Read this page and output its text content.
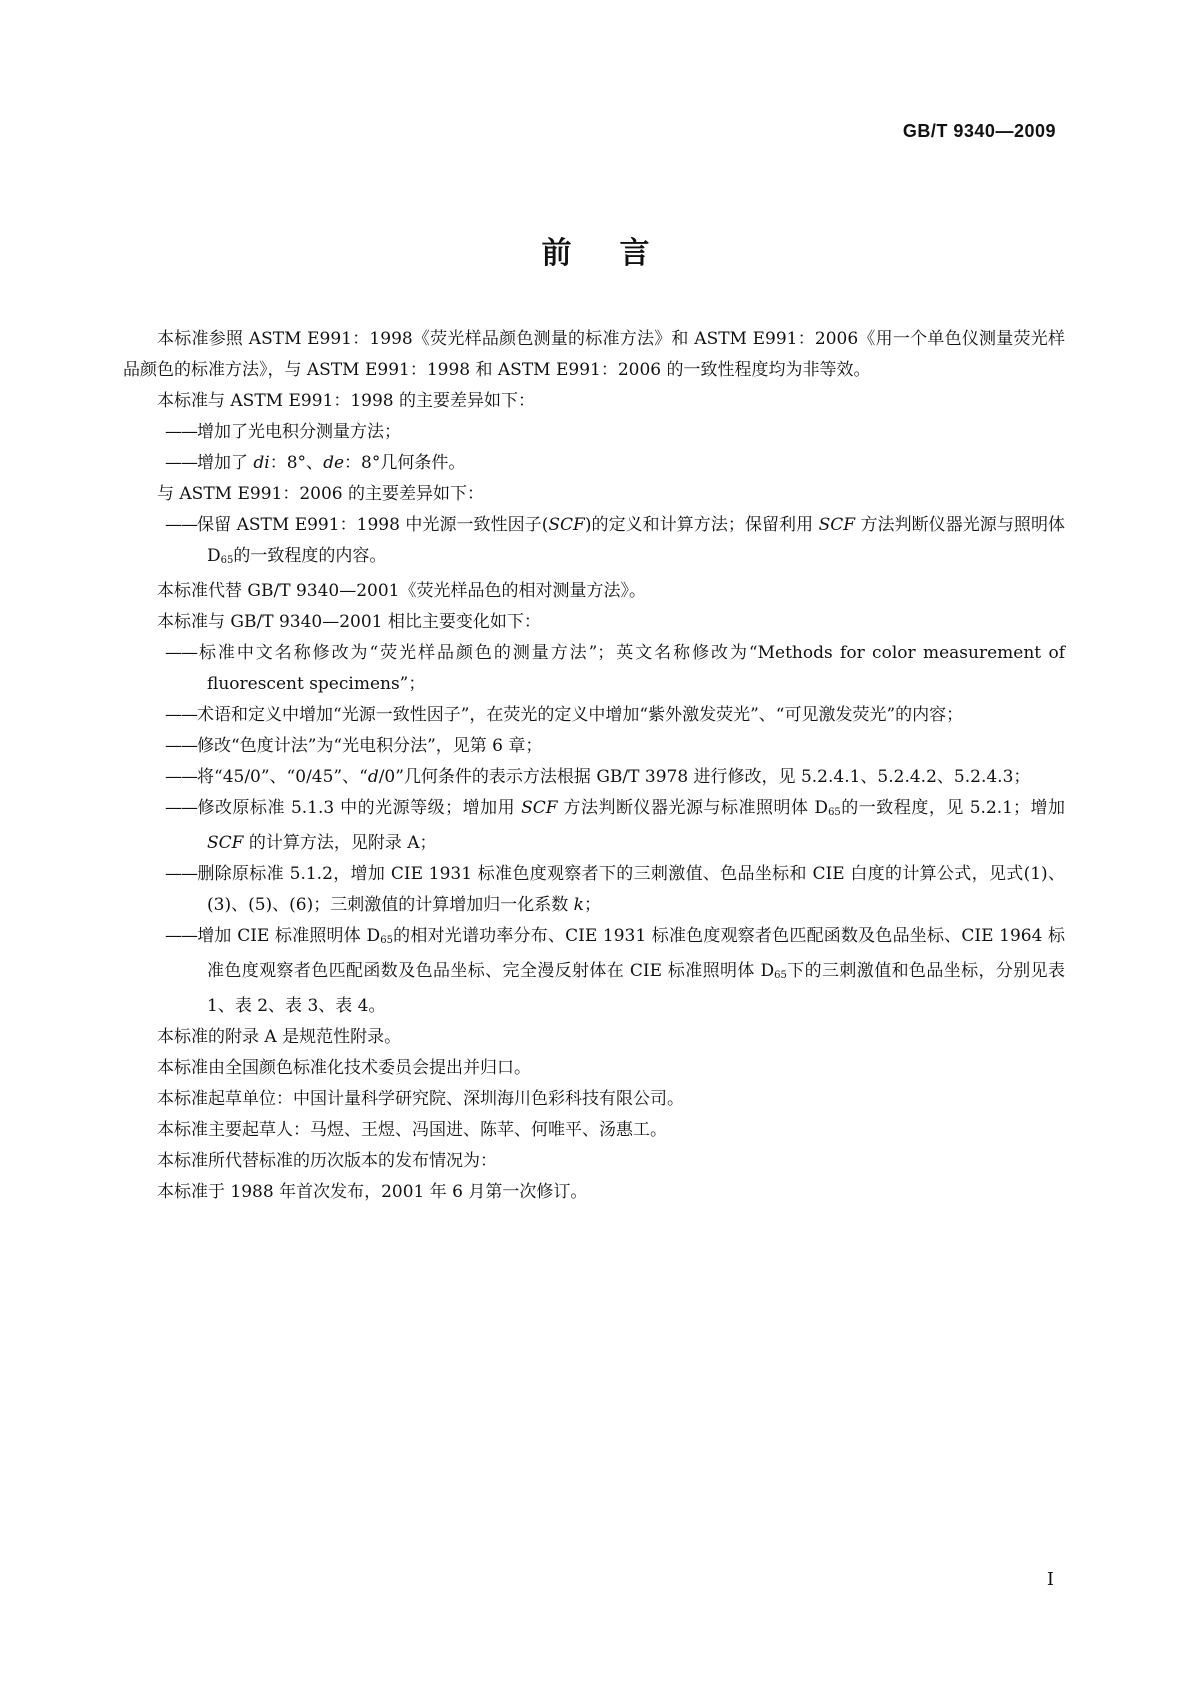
GB/T 9340—2009
前言

本标准参照 ASTM E991：1998《荧光样品颜色测量的标准方法》和 ASTM E991：2006《用一个单色仪测量荧光样品颜色的标准方法》，与 ASTM E991：1998 和 ASTM E991：2006 的一致性程度均为非等效。

本标准与 ASTM E991：1998 的主要差异如下：

——增加了光电积分测量方法；

——增加了 di：8°、de：8°几何条件。

与 ASTM E991：2006 的主要差异如下：

——保留 ASTM E991：1998 中光源一致性因子(SCF)的定义和计算方法；保留利用 SCF 方法判断仪器光源与照明体 $D_{65}$的一致程度的内容。

本标准代替 GB/T 9340—2001《荧光样品色的相对测量方法》。

本标准与 GB/T 9340—2001 相比主要变化如下：

——标准中文名称修改为“荧光样品颜色的测量方法”；英文名称修改为“Methods for color measurement of fluorescent specimens”；

——术语和定义中增加“光源一致性因子”，在荧光的定义中增加“紫外激发荧光”、“可见激发荧光”的内容；

——修改“色度计法”为“光电积分法”，见第 6 章；

——将“45/0”、“0/45”、“d/0”几何条件的表示方法根据 GB/T 3978 进行修改，见 5.2.4.1、5.2.4.2、5.2.4.3；

——修改原标准 5.1.3 中的光源等级；增加用 SCF 方法判断仪器光源与标准照明体 $D_{65}$的一致程度，见 5.2.1；增加 SCF 的计算方法，见附录 A；

——删除原标准 5.1.2，增加 CIE 1931 标准色度观察者下的三刺激值、色品坐标和 CIE 白度的计算公式，见式(1)、(3)、(5)、(6)；三刺激值的计算增加归一化系数 k；

——增加 CIE 标准照明体 $D_{65}$的相对光谱功率分布、CIE 1931 标准色度观察者色匹配函数及色品坐标、CIE 1964 标准色度观察者色匹配函数及色品坐标、完全漫反射体在 CIE 标准照明体 $D_{65}$下的三刺激值和色品坐标，分别见表 1、表 2、表 3、表 4。

本标准的附录 A 是规范性附录。

本标准由全国颜色标准化技术委员会提出并归口。

本标准起草单位：中国计量科学研究院、深圳海川色彩科技有限公司。

本标准主要起草人：马煜、王煜、冯国进、陈苹、何唯平、汤惠工。

本标准所代替标准的历次版本的发布情况为：

本标准于 1988 年首次发布，2001 年 6 月第一次修订。

I
